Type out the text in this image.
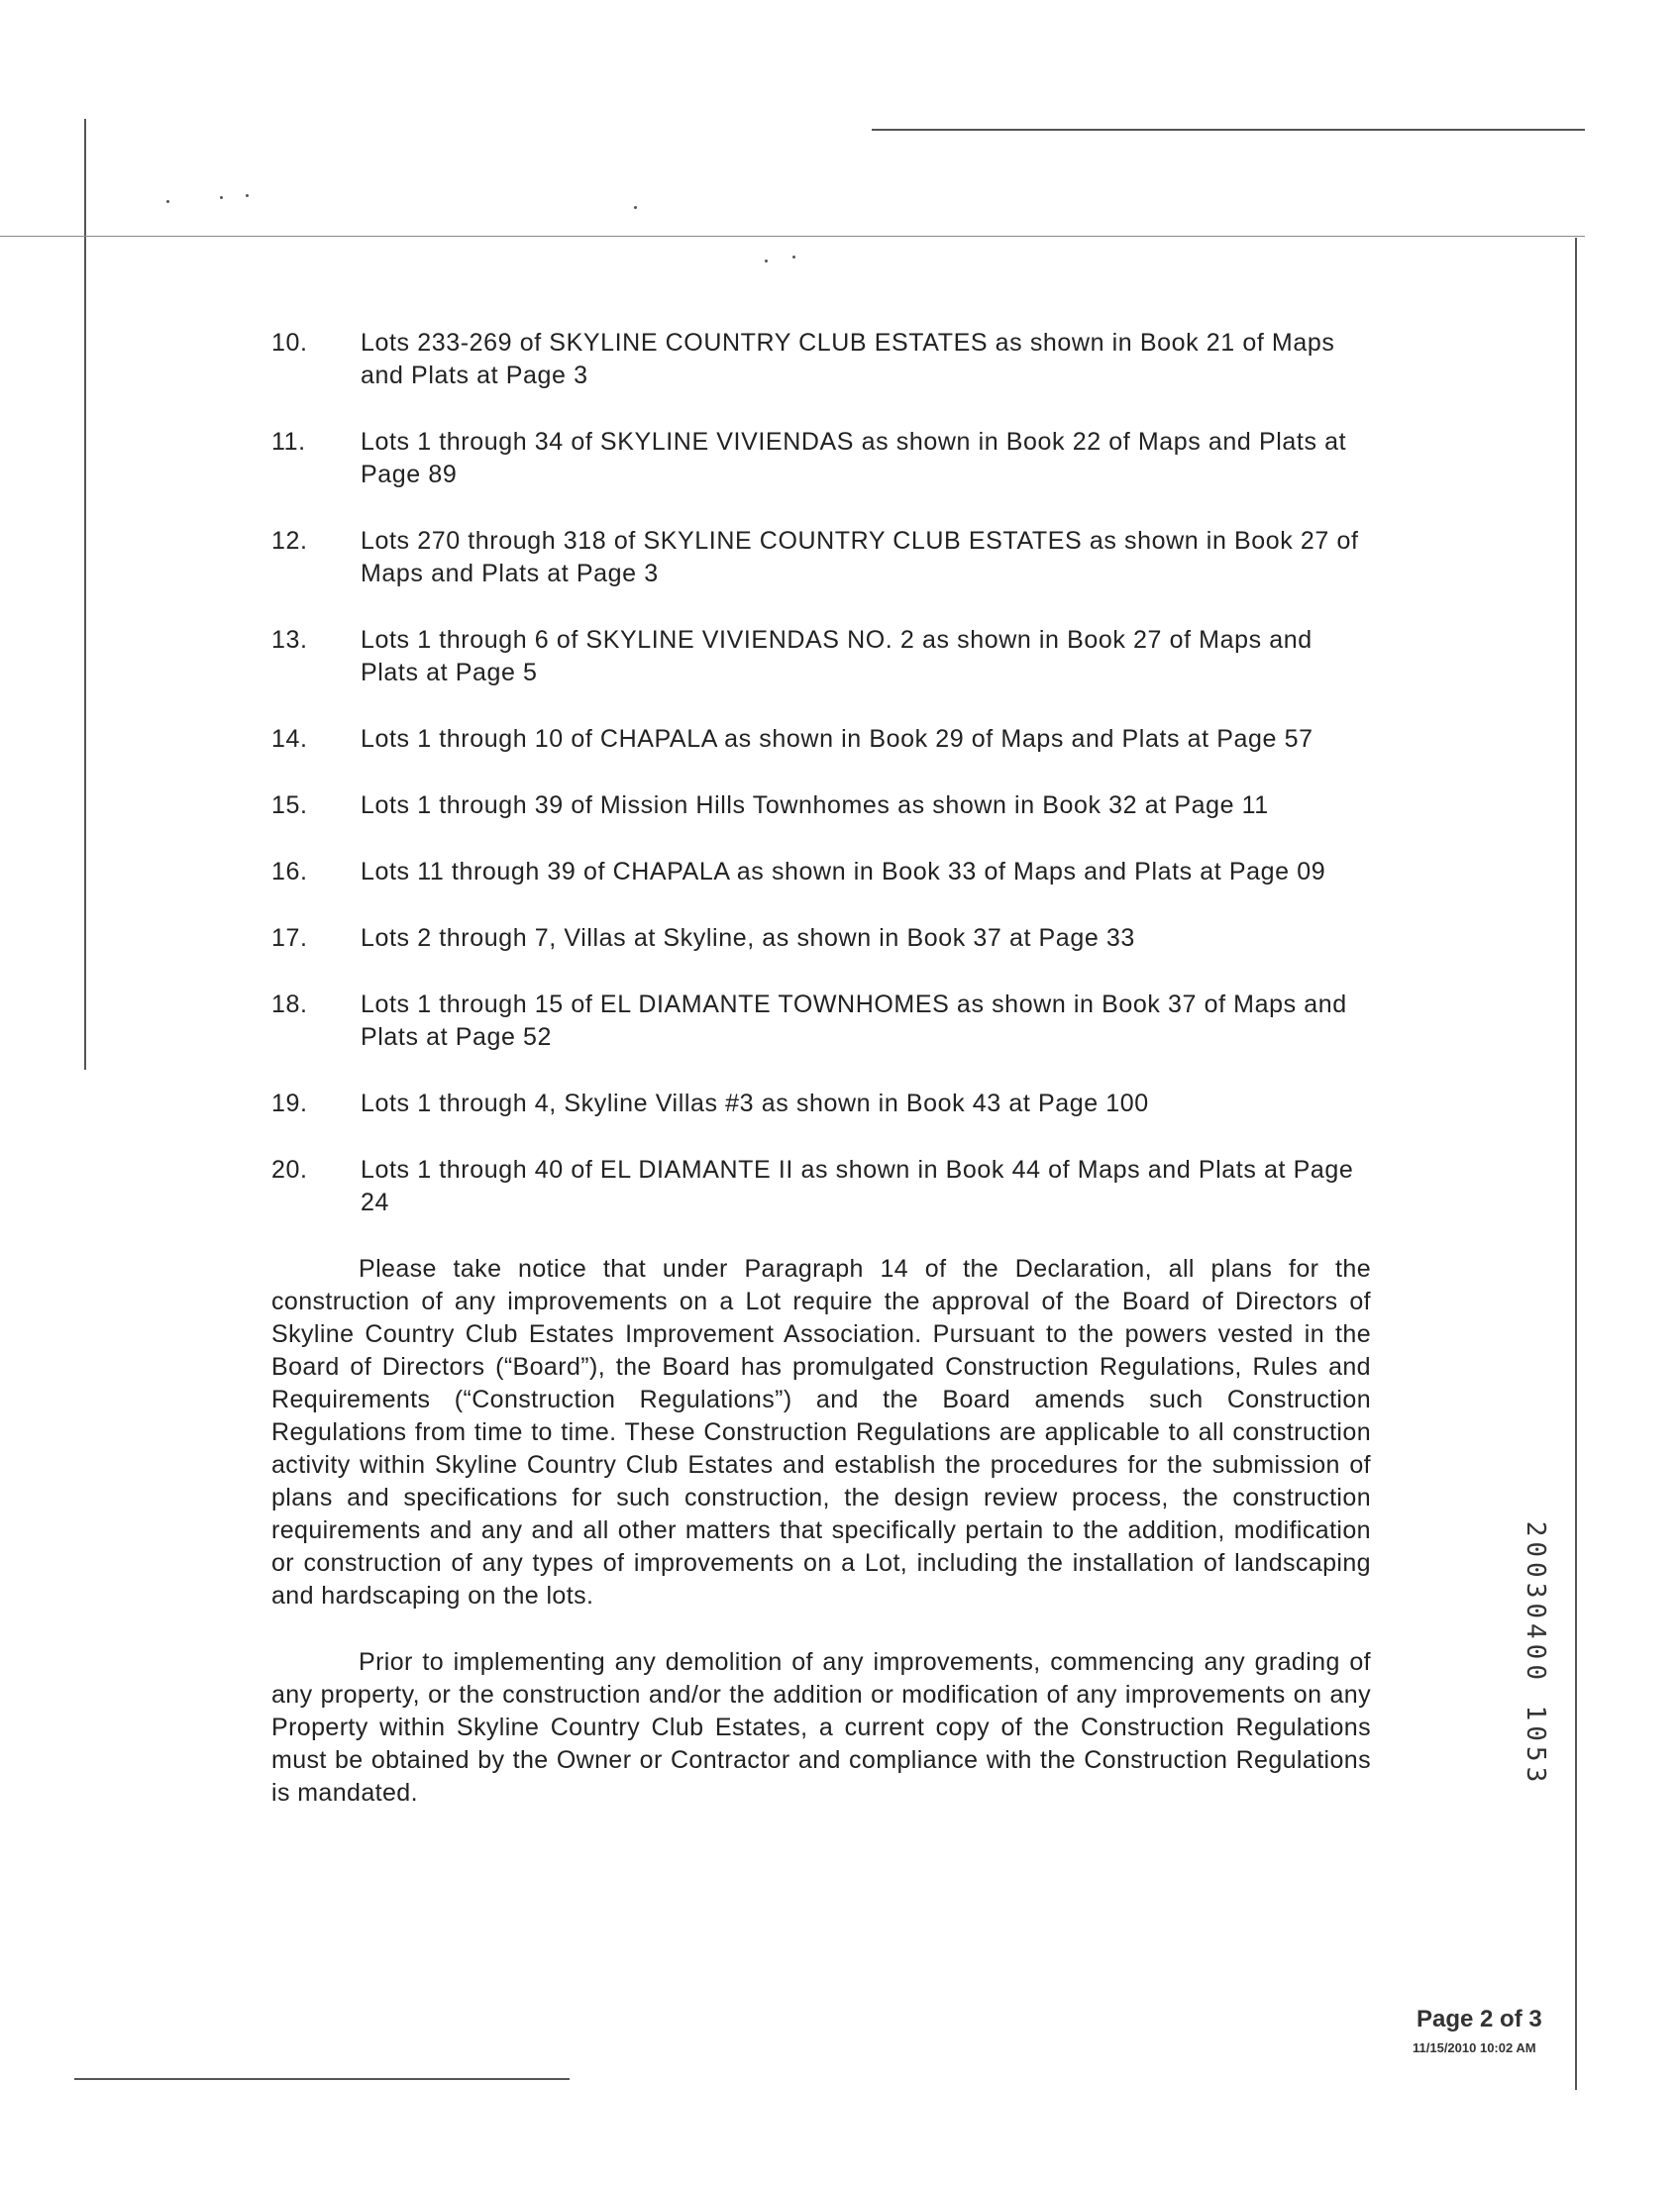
10.	Lots 233-269 of SKYLINE COUNTRY CLUB ESTATES as shown in Book 21 of Maps and Plats at Page 3
11.	Lots 1 through 34 of SKYLINE VIVIENDAS as shown in Book 22 of Maps and Plats at Page 89
12.	Lots 270 through 318 of SKYLINE COUNTRY CLUB ESTATES as shown in Book 27 of Maps and Plats at Page 3
13.	Lots 1 through 6 of SKYLINE VIVIENDAS NO. 2 as shown in Book 27 of Maps and Plats at Page 5
14.	Lots 1 through 10 of CHAPALA as shown in Book 29 of Maps and Plats at Page 57
15.	Lots 1 through 39 of Mission Hills Townhomes as shown in Book 32 at Page 11
16.	Lots 11 through 39 of CHAPALA as shown in Book 33 of Maps and Plats at Page 09
17.	Lots 2 through 7, Villas at Skyline, as shown in Book 37 at Page 33
18.	Lots 1 through 15 of EL DIAMANTE TOWNHOMES as shown in Book 37 of Maps and Plats at Page 52
19.	Lots 1 through 4, Skyline Villas #3 as shown in Book 43 at Page 100
20.	Lots 1 through 40 of EL DIAMANTE II as shown in Book 44 of Maps and Plats at Page 24

Please take notice that under Paragraph 14 of the Declaration, all plans for the construction of any improvements on a Lot require the approval of the Board of Directors of Skyline Country Club Estates Improvement Association. Pursuant to the powers vested in the Board of Directors (“Board”), the Board has promulgated Construction Regulations, Rules and Requirements (“Construction Regulations”) and the Board amends such Construction Regulations from time to time. These Construction Regulations are applicable to all construction activity within Skyline Country Club Estates and establish the procedures for the submission of plans and specifications for such construction, the design review process, the construction requirements and any and all other matters that specifically pertain to the addition, modification or construction of any types of improvements on a Lot, including the installation of landscaping and hardscaping on the lots.

Prior to implementing any demolition of any improvements, commencing any grading of any property, or the construction and/or the addition or modification of any improvements on any Property within Skyline Country Club Estates, a current copy of the Construction Regulations must be obtained by the Owner or Contractor and compliance with the Construction Regulations is mandated.

20030400 1053
Page 2 of 3
11/15/2010 10:02 AM
